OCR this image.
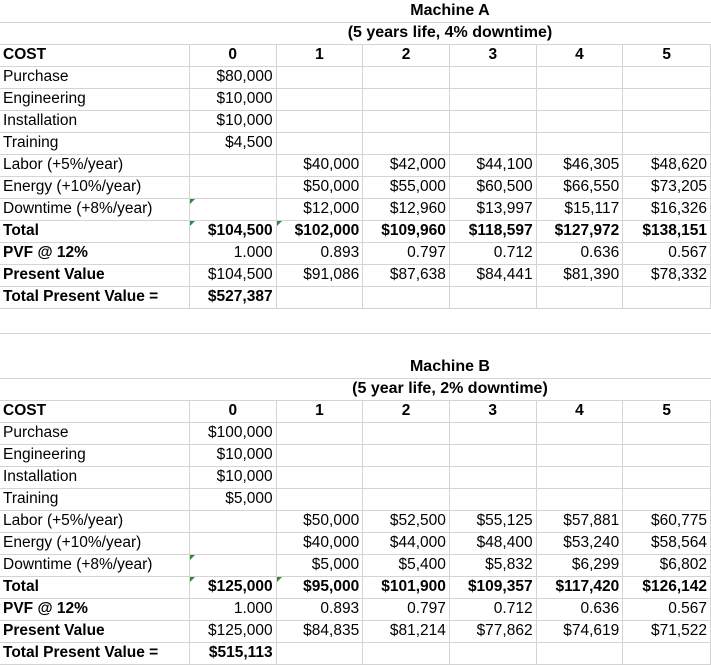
	Machine A					
	(5 years life, 4% downtime)					
COST	0	1	2	3	4	5
Purchase	$80,000					
Engineering	$10,000					
Installation	$10,000					
Training	$4,500					
Labor (+5%/year)		$40,000	$42,000	$44,100	$46,305	$48,620
Energy (+10%/year)		$50,000	$55,000	$60,500	$66,550	$73,205
Downtime (+8%/year)		$12,000	$12,960	$13,997	$15,117	$16,326
Total	$104,500	$102,000	$109,960	$118,597	$127,972	$138,151
PVF @ 12%	1.000	0.893	0.797	0.712	0.636	0.567
Present Value	$104,500	$91,086	$87,638	$84,441	$81,390	$78,332
Total Present Value =	$527,387					
	Machine B					
	(5 year life, 2% downtime)					
COST	0	1	2	3	4	5
Purchase	$100,000					
Engineering	$10,000					
Installation	$10,000					
Training	$5,000					
Labor (+5%/year)		$50,000	$52,500	$55,125	$57,881	$60,775
Energy (+10%/year)		$40,000	$44,000	$48,400	$53,240	$58,564
Downtime (+8%/year)		$5,000	$5,400	$5,832	$6,299	$6,802
Total	$125,000	$95,000	$101,900	$109,357	$117,420	$126,142
PVF @ 12%	1.000	0.893	0.797	0.712	0.636	0.567
Present Value	$125,000	$84,835	$81,214	$77,862	$74,619	$71,522
Total Present Value =	$515,113					
